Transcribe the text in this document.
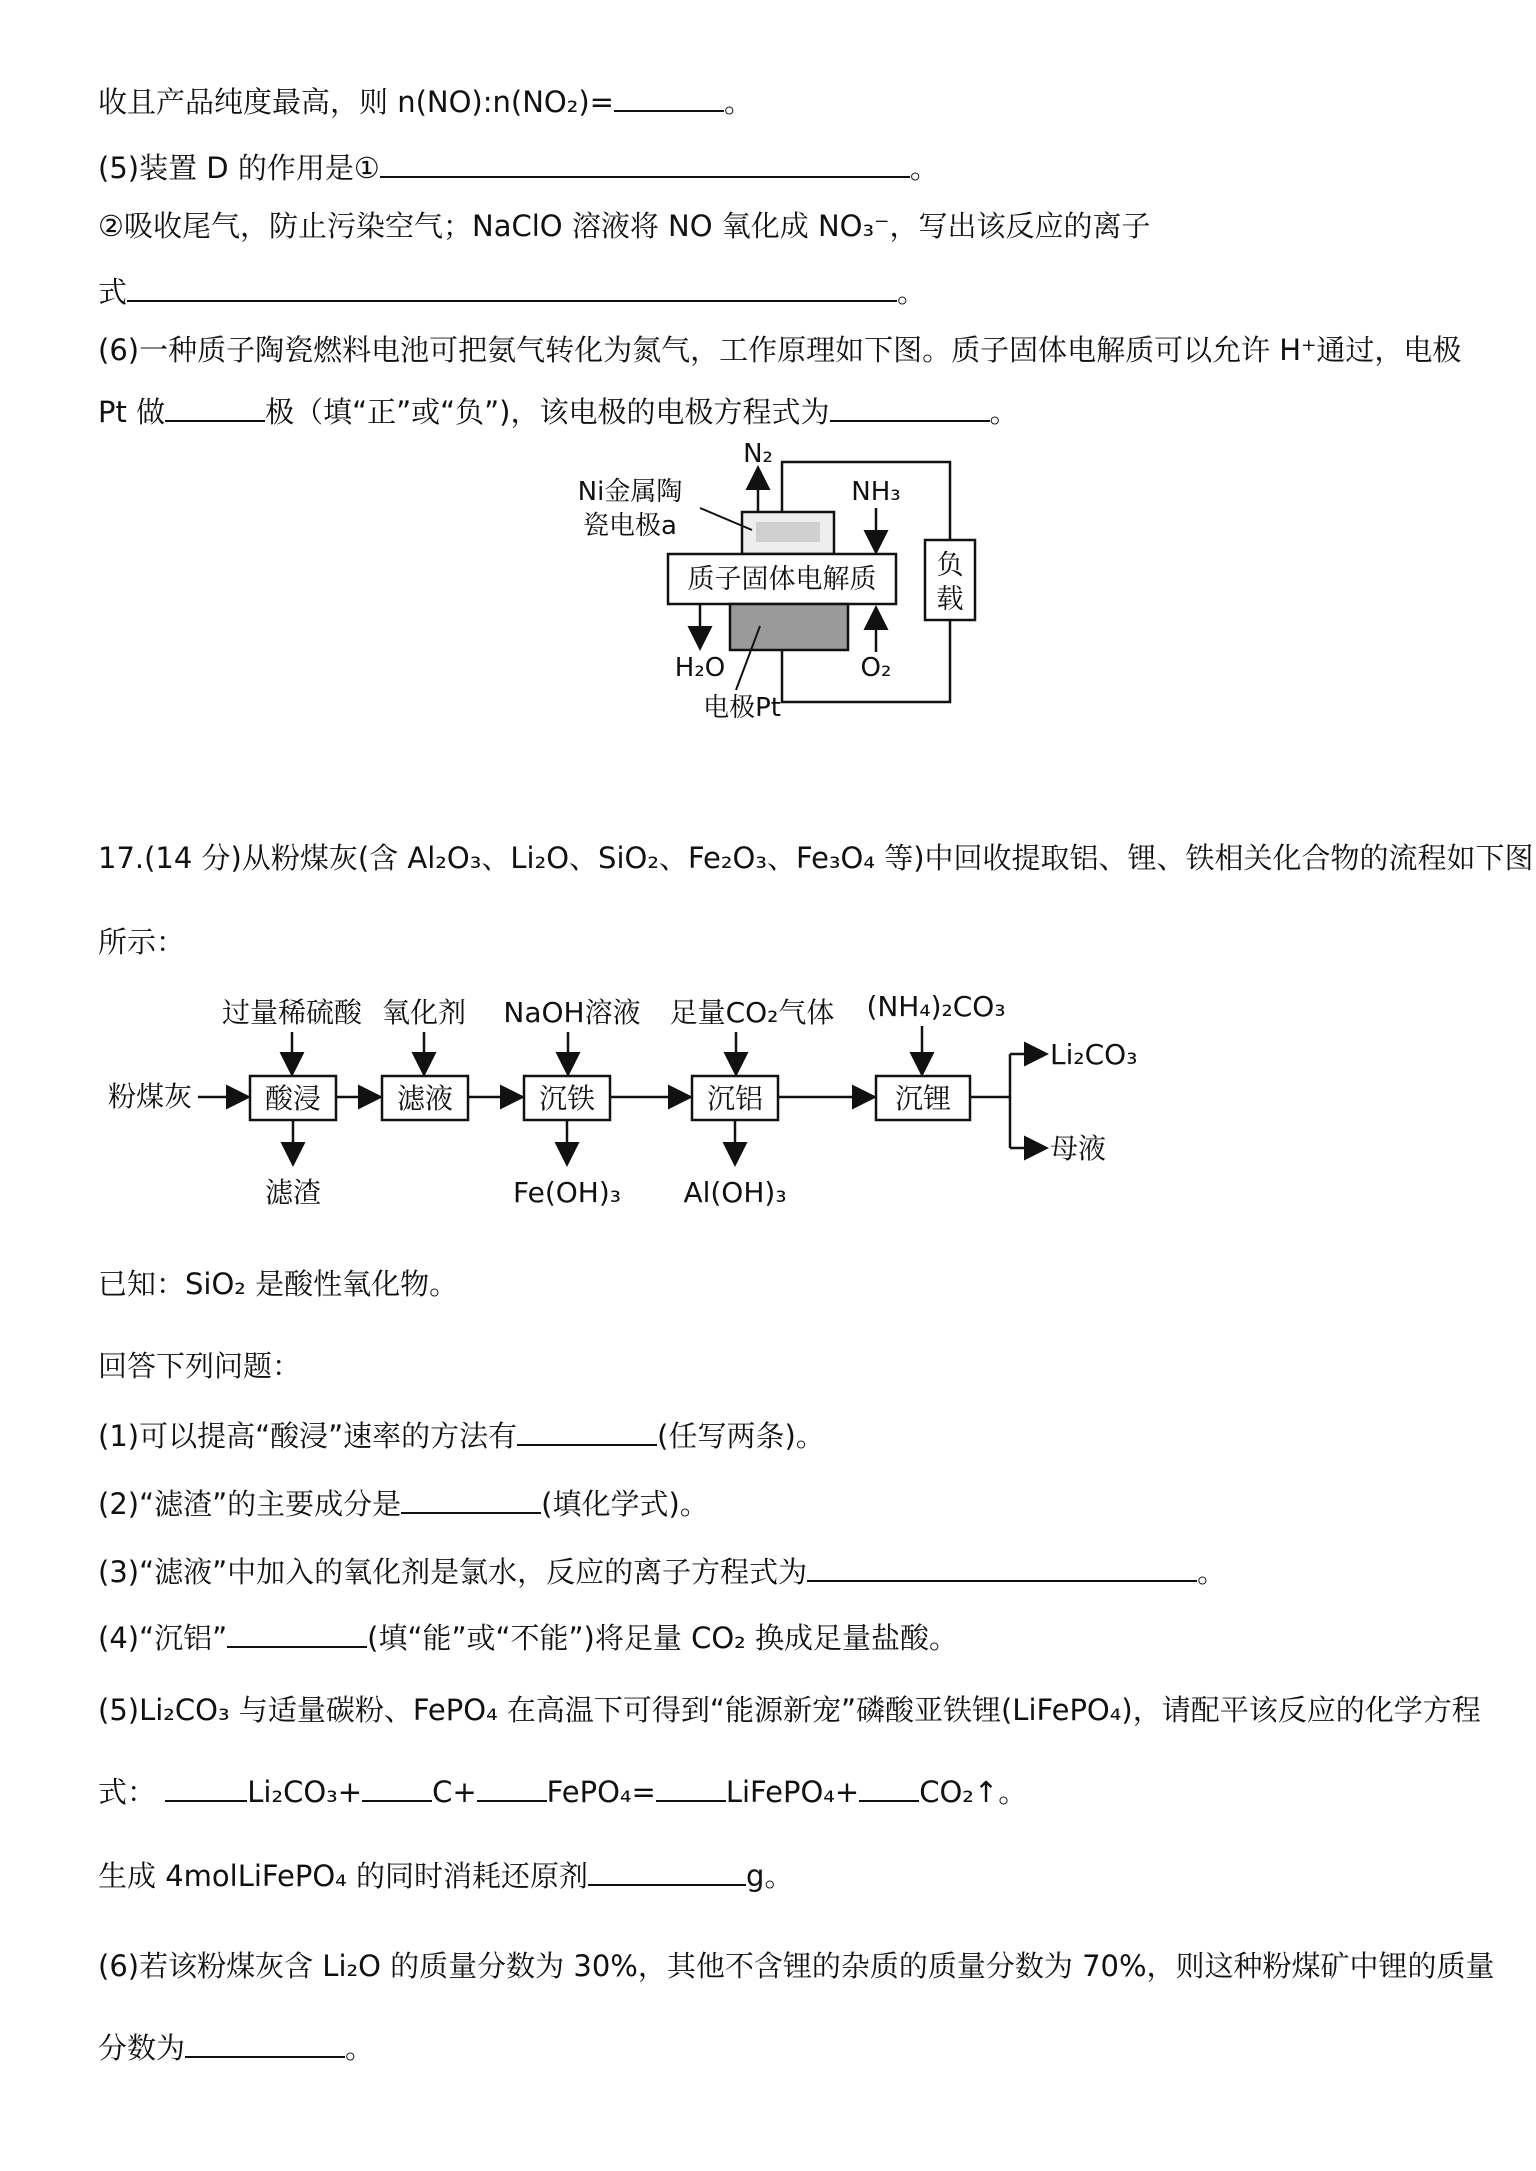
收且产品纯度最高，则 n(NO):n(NO₂)=	。
(5)装置 D 的作用是①	。
②吸收尾气，防止污染空气；NaClO 溶液将 NO 氧化成 NO₃⁻，写出该反应的离子
式	。
(6)一种质子陶瓷燃料电池可把氨气转化为氮气，工作原理如下图。质子固体电解质可以允许 H⁺通过，电极
Pt 做	极（填“正”或“负”)，该电极的电极方程式为	。
质子固体电解质 负
载
N₂
NH₃
O₂
H₂O
Ni金属陶
瓷电极a
电极Pt
17.(14 分)从粉煤灰(含 Al₂O₃、Li₂O、SiO₂、Fe₂O₃、Fe₃O₄ 等)中回收提取铝、锂、铁相关化合物的流程如下图
所示：
过量稀硫酸 氧化剂 NaOH溶液 足量CO₂气体 (NH₄)₂CO₃
粉煤灰	酸浸	滤液	沉铁	沉铝	沉锂
Li₂CO₃
母液
滤渣	Fe(OH)₃ Al(OH)₃
已知：SiO₂ 是酸性氧化物。
回答下列问题：
(1)可以提高“酸浸”速率的方法有	(任写两条)。
(2)“滤渣”的主要成分是	(填化学式)。
(3)“滤液”中加入的氧化剂是氯水，反应的离子方程式为	。
(4)“沉铝”	(填“能”或“不能”)将足量 CO₂ 换成足量盐酸。
(5)Li₂CO₃ 与适量碳粉、FePO₄ 在高温下可得到“能源新宠”磷酸亚铁锂(LiFePO₄)，请配平该反应的化学方程
式：	Li₂CO₃+ C+ FePO₄= LiFePO₄+ CO₂↑。
生成 4molLiFePO₄ 的同时消耗还原剂	g。
(6)若该粉煤灰含 Li₂O 的质量分数为 30%，其他不含锂的杂质的质量分数为 70%，则这种粉煤矿中锂的质量
分数为	。
